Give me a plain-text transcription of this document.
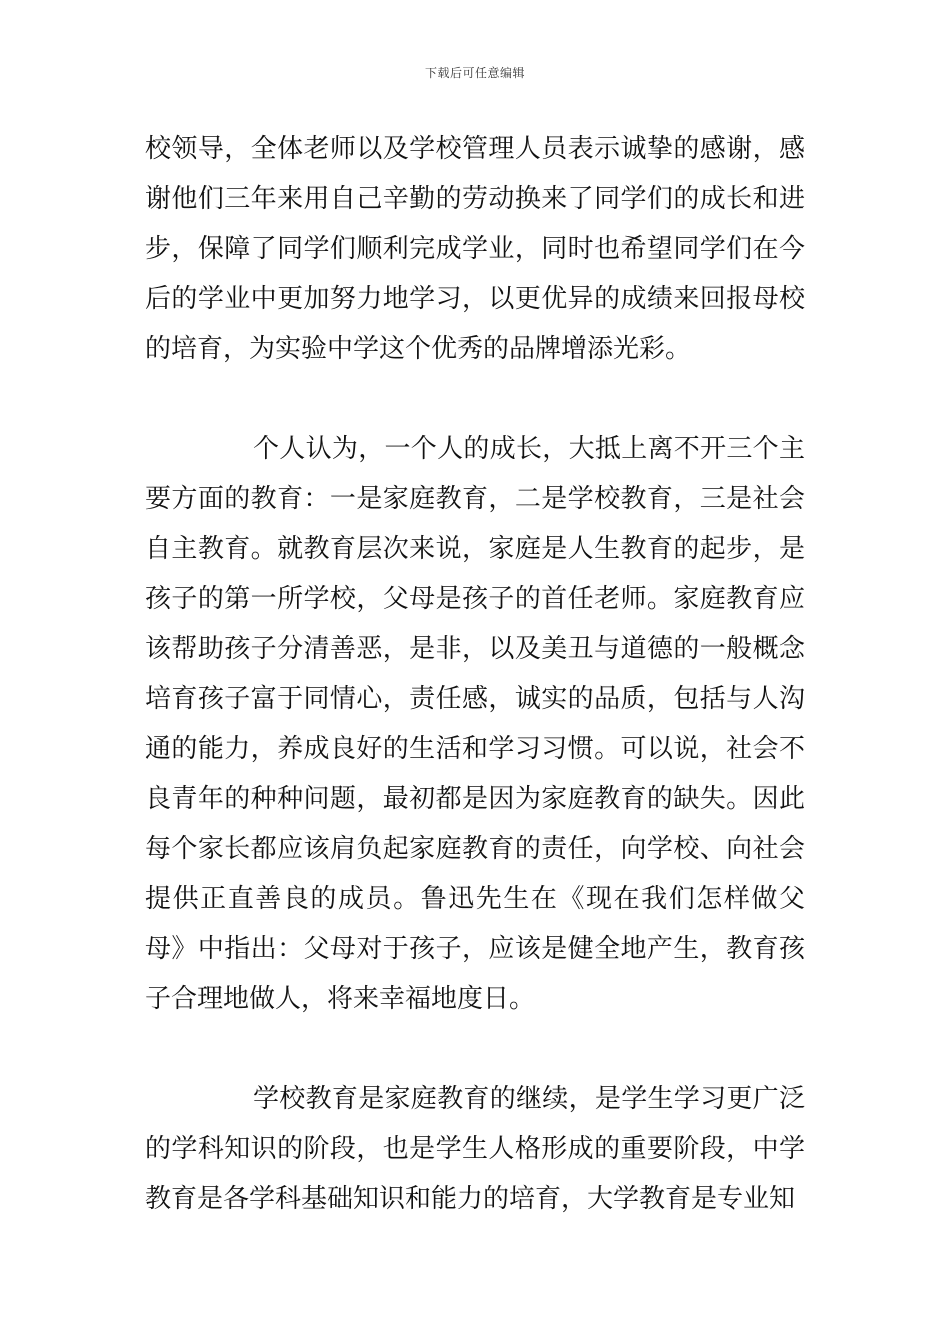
下载后可任意编辑

校领导，全体老师以及学校管理人员表示诚挚的感谢，感谢他们三年来用自己辛勤的劳动换来了同学们的成长和进步，保障了同学们顺利完成学业，同时也希望同学们在今后的学业中更加努力地学习，以更优异的成绩来回报母校的培育，为实验中学这个优秀的品牌增添光彩。

个人认为，一个人的成长，大抵上离不开三个主要方面的教育：一是家庭教育，二是学校教育，三是社会自主教育。就教育层次来说，家庭是人生教育的起步，是孩子的第一所学校，父母是孩子的首任老师。家庭教育应该帮助孩子分清善恶，是非，以及美丑与道德的一般概念培育孩子富于同情心，责任感，诚实的品质，包括与人沟通的能力，养成良好的生活和学习习惯。可以说，社会不良青年的种种问题，最初都是因为家庭教育的缺失。因此每个家长都应该肩负起家庭教育的责任，向学校、向社会提供正直善良的成员。鲁迅先生在《现在我们怎样做父母》中指出：父母对于孩子，应该是健全地产生，教育孩子合理地做人，将来幸福地度日。

学校教育是家庭教育的继续，是学生学习更广泛的学科知识的阶段，也是学生人格形成的重要阶段，中学教育是各学科基础知识和能力的培育，大学教育是专业知
